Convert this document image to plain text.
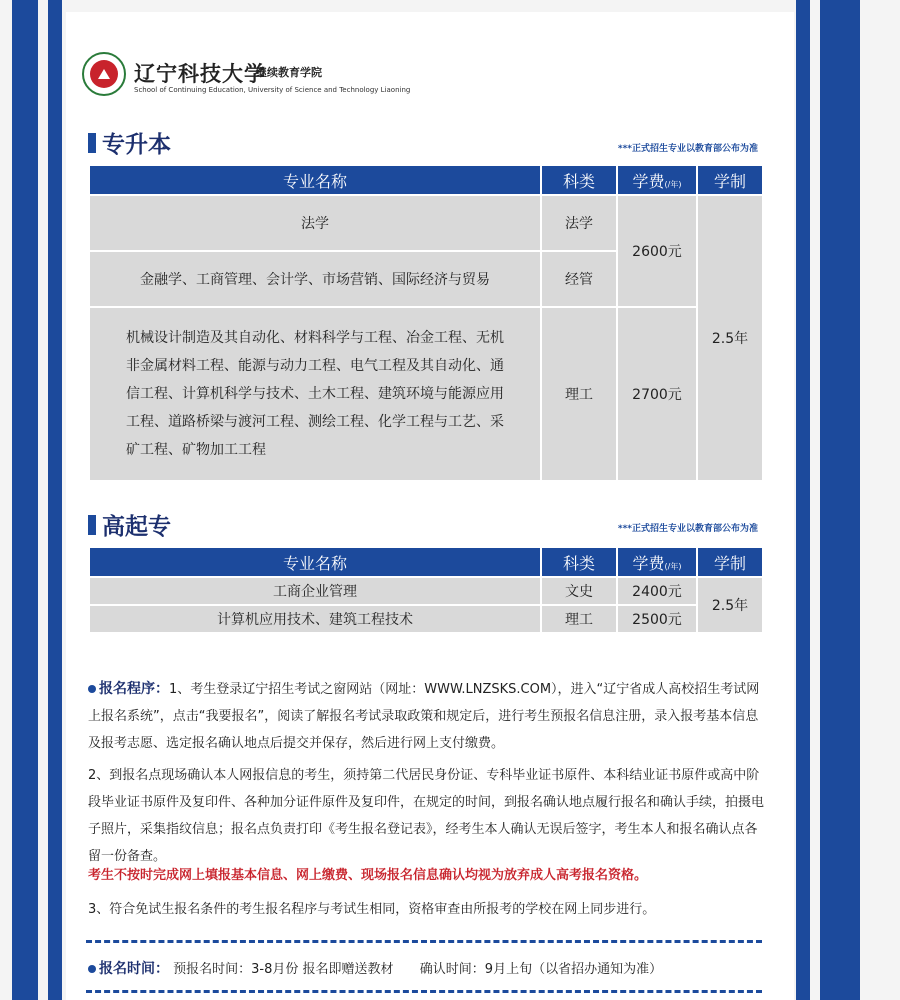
辽宁科技大学
继续教育学院
School of Continuing Education, University of Science and Technology Liaoning
专升本	***正式招生专业以教育部公布为准
专业名称	科类	学费(/年)	学制
法学	法学	2600元	2.5年
金融学、工商管理、会计学、市场营销、国际经济与贸易	经管		
机械设计制造及其自动化、材料科学与工程、冶金工程、无机非金属材料工程、能源与动力工程、电气工程及其自动化、通信工程、计算机科学与技术、土木工程、建筑环境与能源应用工程、道路桥梁与渡河工程、测绘工程、化学工程与工艺、采矿工程、矿物加工工程	理工	2700元	
高起专	***正式招生专业以教育部公布为准
专业名称	科类	学费(/年)	学制
工商企业管理	文史	2400元	2.5年
计算机应用技术、建筑工程技术	理工	2500元	
报名程序：1、考生登录辽宁招生考试之窗网站（网址：WWW.LNZSKS.COM），进入“辽宁省成人高校招生考试网上报名系统”，点击“我要报名”，阅读了解报名考试录取政策和规定后，进行考生预报名信息注册，录入报考基本信息及报考志愿、选定报名确认地点后提交并保存，然后进行网上支付缴费。
2、到报名点现场确认本人网报信息的考生，须持第二代居民身份证、专科毕业证书原件、本科结业证书原件或高中阶段毕业证书原件及复印件、各种加分证件原件及复印件，在规定的时间，到报名确认地点履行报名和确认手续，拍摄电子照片，采集指纹信息；报名点负责打印《考生报名登记表》，经考生本人确认无误后签字，考生本人和报名确认点各留一份备查。
考生不按时完成网上填报基本信息、网上缴费、现场报名信息确认均视为放弃成人高考报名资格。
3、符合免试生报名条件的考生报名程序与考试生相同，资格审查由所报考的学校在网上同步进行。
报名时间： 预报名时间：3-8月份 报名即赠送教材 确认时间：9月上旬（以省招办通知为准）
